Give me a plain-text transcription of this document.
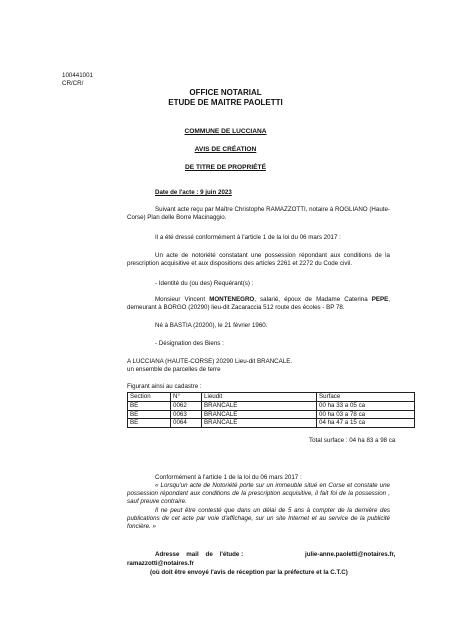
100441001
CR/CR/
OFFICE NOTARIAL
ETUDE DE MAITRE PAOLETTI
COMMUNE DE LUCCIANA
AVIS DE CRÉATION
DE TITRE DE PROPRIÉTÉ
Date de l'acte : 9 juin 2023
Suivant acte reçu par Maître Christophe RAMAZZOTTI, notaire à ROGLIANO (Haute-Corse) Plan delle Borre Macinaggio.
Il a été dressé conformément à l'article 1 de la loi du 06 mars 2017 :
Un acte de notoriété constatant une possession répondant aux conditions de la prescription acquisitive et aux dispositions des articles 2261 et 2272 du Code civil.
- Identité du (ou des) Requérant(s) :
Monsieur Vincent MONTENEGRO, salarié, époux de Madame Caterina PEPE, demeurant à BORGO (20290) lieu-dit Zacaraccia 512 route des écoles - BP 78.
Né à BASTIA (20200), le 21 février 1960.
- Désignation des Biens :
A LUCCIANA (HAUTE-CORSE) 20290 Lieu-dit BRANCALE.
un ensemble de parcelles de terre
Figurant ainsi au cadastre :
Section	N°	Lieudit	Surface
BE	0062	BRANCALE	00 ha 33 a 05 ca
BE	0063	BRANCALE	00 ha 03 a 78 ca
BE	0064	BRANCALE	04 ha 47 a 15 ca
Total surface : 04 ha 83 a 98 ca
Conformément à l'article 1 de la loi du 06 mars 2017 :
« Lorsqu'un acte de Notoriété porte sur un immeuble situé en Corse et constate une possession répondant aux conditions de la prescription acquisitive, il fait foi de la possession , sauf preuve contraire.
Il ne peut être contesté que dans un délai de 5 ans à compter de la dernière des publications de cet acte par voie d'affichage, sur un site Internet et au service de la publicité foncière. »
Adresse    mail    de    l'étude :	julie-anne.paoletti@notaires.fr,
ramazzotti@notaires.fr
(où doit être envoyé l'avis de réception par la préfecture et la C.T.C)
